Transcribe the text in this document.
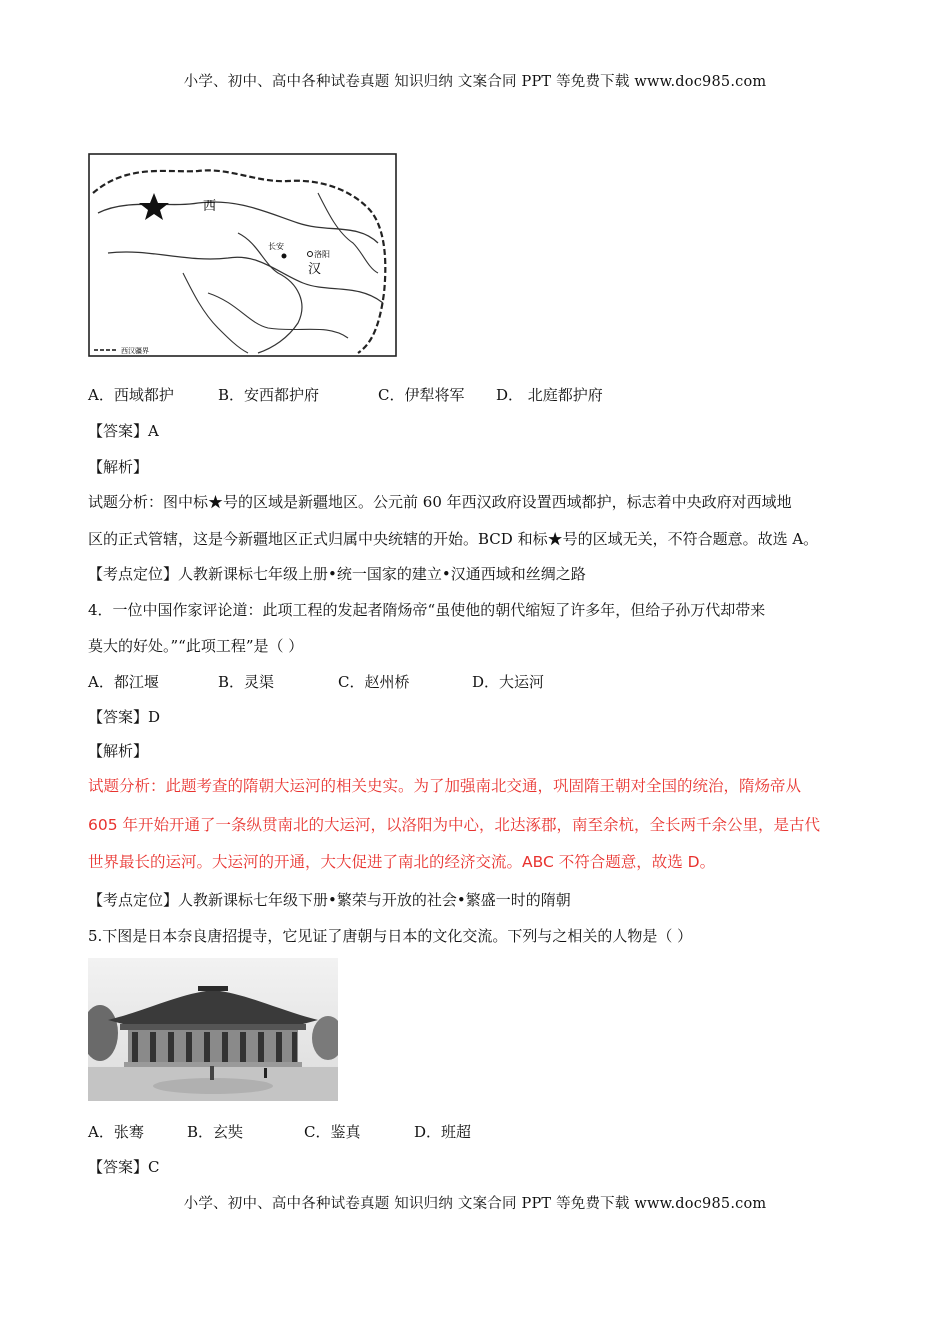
小学、初中、高中各种试卷真题 知识归纳 文案合同 PPT 等免费下载 www.doc985.com
西
汉
长安
洛阳
西汉疆界
A．西域都护	B．安西都护府	C．伊犁将军 D． 北庭都护府
【答案】A
【解析】
试题分析：图中标★号的区域是新疆地区。公元前 60 年西汉政府设置西域都护，标志着中央政府对西域地
区的正式管辖，这是今新疆地区正式归属中央统辖的开始。BCD 和标★号的区域无关，不符合题意。故选 A。
【考点定位】人教新课标七年级上册•统一国家的建立•汉通西域和丝绸之路
4．一位中国作家评论道：此项工程的发起者隋炀帝“虽使他的朝代缩短了许多年，但给子孙万代却带来
莫大的好处。”“此项工程”是（ ）
A．都江堰	B．灵渠	C．赵州桥	D．大运河
【答案】D
【解析】
试题分析：此题考查的隋朝大运河的相关史实。为了加强南北交通，巩固隋王朝对全国的统治，隋炀帝从
605 年开始开通了一条纵贯南北的大运河，以洛阳为中心，北达涿郡，南至余杭，全长两千余公里，是古代
世界最长的运河。大运河的开通，大大促进了南北的经济交流。ABC 不符合题意，故选 D。
【考点定位】人教新课标七年级下册•繁荣与开放的社会•繁盛一时的隋朝
5.下图是日本奈良唐招提寺，它见证了唐朝与日本的文化交流。下列与之相关的人物是（ ）
A．张骞	B．玄奘	C．鉴真	D．班超
【答案】C
小学、初中、高中各种试卷真题 知识归纳 文案合同 PPT 等免费下载 www.doc985.com
